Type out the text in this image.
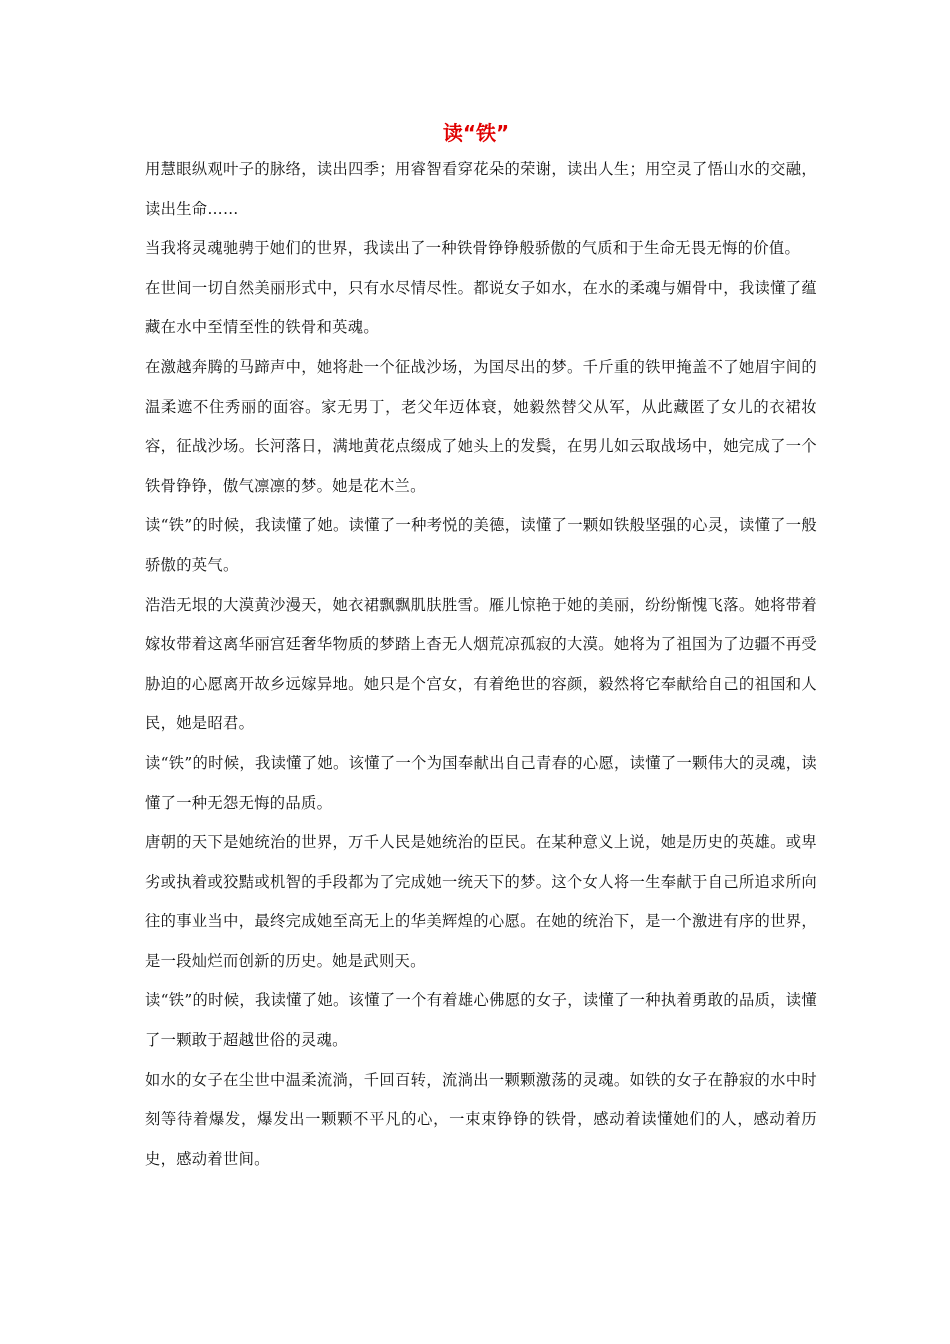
读“铁”

用慧眼纵观叶子的脉络，读出四季；用睿智看穿花朵的荣谢，读出人生；用空灵了悟山水的交融，读出生命……

当我将灵魂驰骋于她们的世界，我读出了一种铁骨铮铮般骄傲的气质和于生命无畏无悔的价值。

在世间一切自然美丽形式中，只有水尽情尽性。都说女子如水，在水的柔魂与媚骨中，我读懂了蕴藏在水中至情至性的铁骨和英魂。

在激越奔腾的马蹄声中，她将赴一个征战沙场，为国尽出的梦。千斤重的铁甲掩盖不了她眉宇间的温柔遮不住秀丽的面容。家无男丁，老父年迈体衰，她毅然替父从军，从此藏匿了女儿的衣裙妆容，征战沙场。长河落日，满地黄花点缀成了她头上的发鬓，在男儿如云取战场中，她完成了一个铁骨铮铮，傲气凛凛的梦。她是花木兰。

读“铁”的时候，我读懂了她。读懂了一种考悦的美德，读懂了一颗如铁般坚强的心灵，读懂了一般骄傲的英气。

浩浩无垠的大漠黄沙漫天，她衣裙飘飘肌肤胜雪。雁儿惊艳于她的美丽，纷纷惭愧飞落。她将带着嫁妆带着这离华丽宫廷奢华物质的梦踏上杳无人烟荒凉孤寂的大漠。她将为了祖国为了边疆不再受胁迫的心愿离开故乡远嫁异地。她只是个宫女，有着绝世的容颜，毅然将它奉献给自己的祖国和人民，她是昭君。

读“铁”的时候，我读懂了她。该懂了一个为国奉献出自己青春的心愿，读懂了一颗伟大的灵魂，读懂了一种无怨无悔的品质。

唐朝的天下是她统治的世界，万千人民是她统治的臣民。在某种意义上说，她是历史的英雄。或卑劣或执着或狡黠或机智的手段都为了完成她一统天下的梦。这个女人将一生奉献于自己所追求所向往的事业当中，最终完成她至高无上的华美辉煌的心愿。在她的统治下，是一个激进有序的世界，是一段灿烂而创新的历史。她是武则天。

读“铁”的时候，我读懂了她。该懂了一个有着雄心佛愿的女子，读懂了一种执着勇敢的品质，读懂了一颗敢于超越世俗的灵魂。

如水的女子在尘世中温柔流淌，千回百转，流淌出一颗颗激荡的灵魂。如铁的女子在静寂的水中时刻等待着爆发，爆发出一颗颗不平凡的心，一束束铮铮的铁骨，感动着读懂她们的人，感动着历史，感动着世间。
